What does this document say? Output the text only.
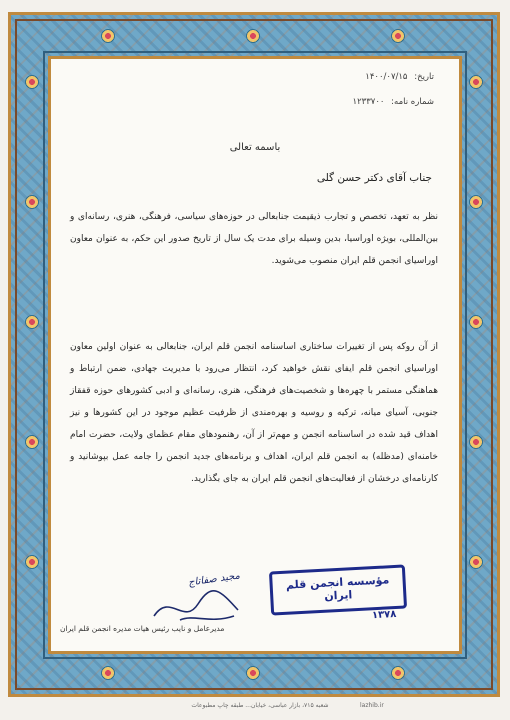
تاریخ: ۱۴۰۰/۰۷/۱۵
شماره نامه: ۱۲۳۳۷۰۰
باسمه تعالی
جناب آقای دکتر حسن گلی
نظر به تعهد، تخصص و تجارب ذیقیمت جنابعالی در حوزه‌های سیاسی، فرهنگی، هنری، رسانه‌ای و بین‌المللی، بویژه اوراسیا، بدین وسیله برای مدت یک سال از تاریخ صدور این حکم، به عنوان معاون اوراسیای انجمن قلم ایران منصوب می‌شوید.
از آن روکه پس از تغییرات ساختاری اساسنامه انجمن قلم ایران، جنابعالی به عنوان اولین معاون اوراسیای انجمن قلم ایفای نقش خواهید کرد، انتظار می‌رود با مدیریت جهادی، ضمن ارتباط و هماهنگی مستمر با چهره‌ها و شخصیت‌های فرهنگی، هنری، رسانه‌ای و ادبی کشورهای حوزه قفقاز جنوبی، آسیای میانه، ترکیه و روسیه و بهره‌مندی از ظرفیت عظیم موجود در این کشورها و نیز اهداف قید شده در اساسنامه انجمن و مهم‌تر از آن، رهنمودهای مقام عظمای ولایت، حضرت امام خامنه‌ای (مدظله) به انجمن قلم ایران، اهداف و برنامه‌های جدید انجمن را جامه عمل بپوشانید و کارنامه‌ای درخشان از فعالیت‌های انجمن قلم ایران به جای بگذارید.
مؤسسه انجمن قلم ایران
۱۳۷۸
مجید صفاتاج
مدیرعامل و نایب رئیس هیات مدیره انجمن قلم ایران
شعبه ۷۱۵، بازار عباسی، خیابان... طبقه چاپ مطبوعات	lazhib.ir
